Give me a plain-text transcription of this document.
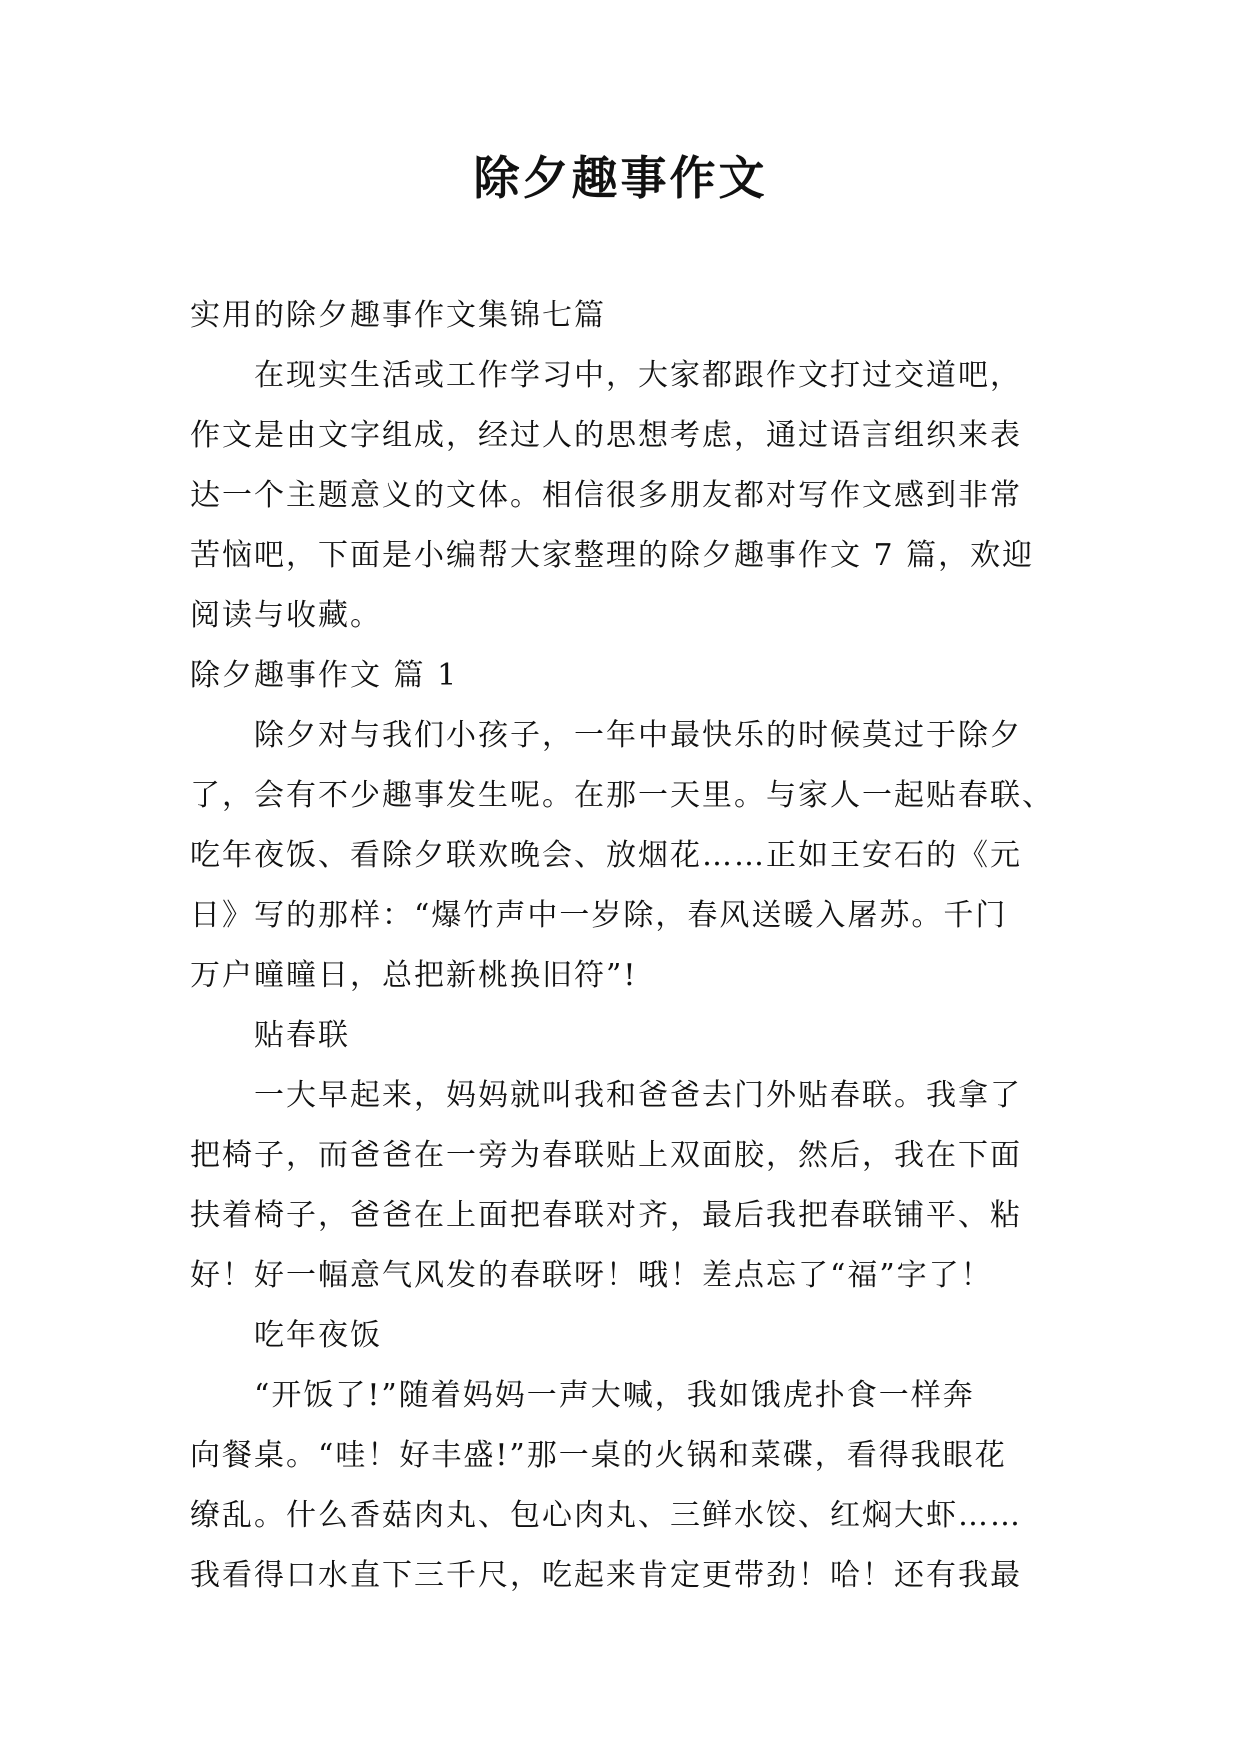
除夕趣事作文
实用的除夕趣事作文集锦七篇
在现实生活或工作学习中，大家都跟作文打过交道吧，
作文是由文字组成，经过人的思想考虑，通过语言组织来表
达一个主题意义的文体。相信很多朋友都对写作文感到非常
苦恼吧，下面是小编帮大家整理的除夕趣事作文 7 篇，欢迎
阅读与收藏。
除夕趣事作文 篇 1
除夕对与我们小孩子，一年中最快乐的时候莫过于除夕
了，会有不少趣事发生呢。在那一天里。与家人一起贴春联、
吃年夜饭、看除夕联欢晚会、放烟花……正如王安石的《元
日》写的那样：“爆竹声中一岁除，春风送暖入屠苏。千门
万户曈曈日，总把新桃换旧符”!
贴春联
一大早起来，妈妈就叫我和爸爸去门外贴春联。我拿了
把椅子，而爸爸在一旁为春联贴上双面胶，然后，我在下面
扶着椅子，爸爸在上面把春联对齐，最后我把春联铺平、粘
好！好一幅意气风发的春联呀！哦！差点忘了“福”字了！
吃年夜饭
“开饭了!”随着妈妈一声大喊，我如饿虎扑食一样奔
向餐桌。“哇！好丰盛!”那一桌的火锅和菜碟，看得我眼花
缭乱。什么香菇肉丸、包心肉丸、三鲜水饺、红焖大虾……
我看得口水直下三千尺，吃起来肯定更带劲！哈！还有我最
